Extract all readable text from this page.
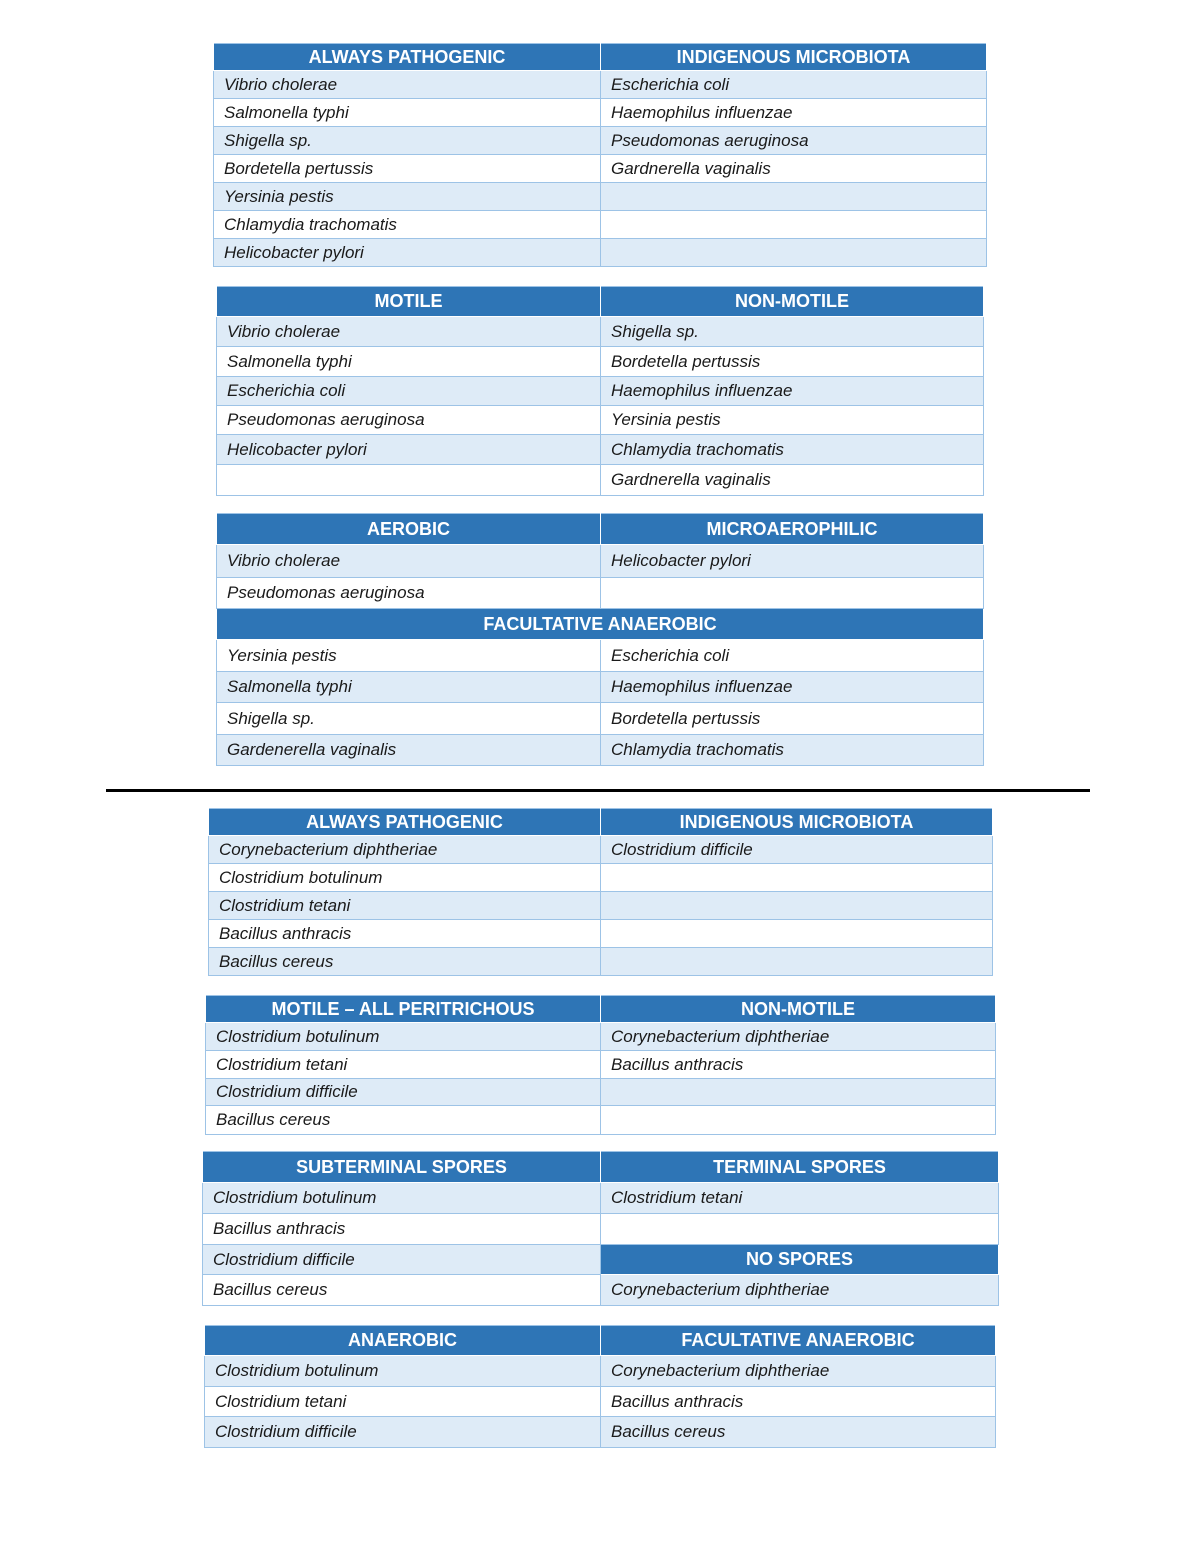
ALWAYS PATHOGENIC	INDIGENOUS MICROBIOTA
Vibrio cholerae	Escherichia coli
Salmonella typhi	Haemophilus influenzae
Shigella sp.	Pseudomonas aeruginosa
Bordetella pertussis	Gardnerella vaginalis
Yersinia pestis	
Chlamydia trachomatis	
Helicobacter pylori	
MOTILE	NON-MOTILE
Vibrio cholerae	Shigella sp.
Salmonella typhi	Bordetella pertussis
Escherichia coli	Haemophilus influenzae
Pseudomonas aeruginosa	Yersinia pestis
Helicobacter pylori	Chlamydia trachomatis
	Gardnerella vaginalis
AEROBIC	MICROAEROPHILIC
Vibrio cholerae	Helicobacter pylori
Pseudomonas aeruginosa	
FACULTATIVE ANAEROBIC	
Yersinia pestis	Escherichia coli
Salmonella typhi	Haemophilus influenzae
Shigella sp.	Bordetella pertussis
Gardenerella vaginalis	Chlamydia trachomatis
ALWAYS PATHOGENIC	INDIGENOUS MICROBIOTA
Corynebacterium diphtheriae	Clostridium difficile
Clostridium botulinum	
Clostridium tetani	
Bacillus anthracis	
Bacillus cereus	
MOTILE – ALL PERITRICHOUS	NON-MOTILE
Clostridium botulinum	Corynebacterium diphtheriae
Clostridium tetani	Bacillus anthracis
Clostridium difficile	
Bacillus cereus	
SUBTERMINAL SPORES	TERMINAL SPORES
Clostridium botulinum	Clostridium tetani
Bacillus anthracis	
Clostridium difficile	NO SPORES
Bacillus cereus	Corynebacterium diphtheriae
ANAEROBIC	FACULTATIVE ANAEROBIC
Clostridium botulinum	Corynebacterium diphtheriae
Clostridium tetani	Bacillus anthracis
Clostridium difficile	Bacillus cereus
